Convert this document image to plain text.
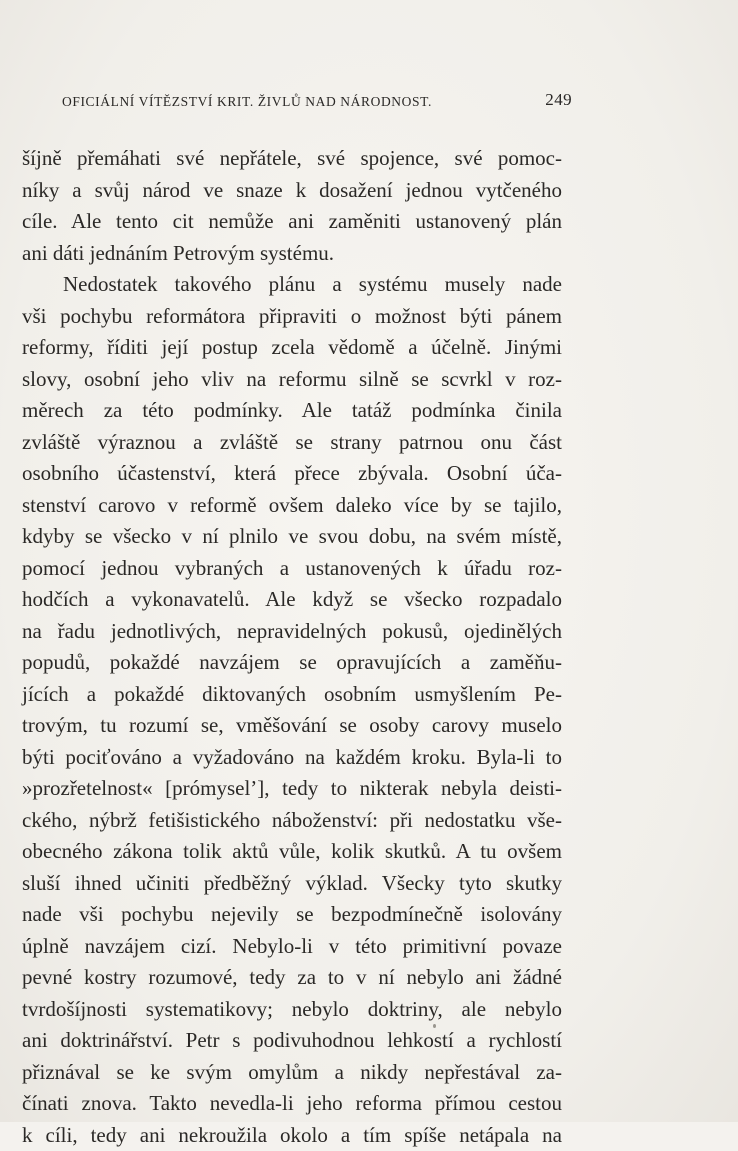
OFICIÁLNÍ VÍTĚZSTVÍ KRIT. ŽIVLŮ NAD NÁRODNOST.	249
šíjně přemáhati své nepřátele, své spojence, své pomoc-
níky a svůj národ ve snaze k dosažení jednou vytčeného
cíle. Ale tento cit nemůže ani zaměniti ustanovený plán
ani dáti jednáním Petrovým systému.
Nedostatek takového plánu a systému musely nade
vši pochybu reformátora připraviti o možnost býti pánem
reformy, říditi její postup zcela vědomě a účelně. Jinými
slovy, osobní jeho vliv na reformu silně se scvrkl v roz-
měrech za této podmínky. Ale tatáž podmínka činila
zvláště výraznou a zvláště se strany patrnou onu část
osobního účastenství, která přece zbývala. Osobní úča-
stenství carovo v reformě ovšem daleko více by se tajilo,
kdyby se všecko v ní plnilo ve svou dobu, na svém místě,
pomocí jednou vybraných a ustanovených k úřadu roz-
hodčích a vykonavatelů. Ale když se všecko rozpadalo
na řadu jednotlivých, nepravidelných pokusů, ojedinělých
popudů, pokaždé navzájem se opravujících a zaměňu-
jících a pokaždé diktovaných osobním usmyšlením Pe-
trovým, tu rozumí se, vměšování se osoby carovy muselo
býti pociťováno a vyžadováno na každém kroku. Byla-li to
»prozřetelnost« [prómysel’], tedy to nikterak nebyla deisti-
ckého, nýbrž fetišistického náboženství: při nedostatku vše-
obecného zákona tolik aktů vůle, kolik skutků. A tu ovšem
sluší ihned učiniti předběžný výklad. Všecky tyto skutky
nade vši pochybu nejevily se bezpodmínečně isolovány
úplně navzájem cizí. Nebylo-li v této primitivní povaze
pevné kostry rozumové, tedy za to v ní nebylo ani žádné
tvrdošíjnosti systematikovy; nebylo doktriny, ale nebylo
ani doktrinářství. Petr s podivuhodnou lehkostí a rychlostí
přiznával se ke svým omylům a nikdy nepřestával za-
čínati znova. Takto nevedla-li jeho reforma přímou cestou
k cíli, tedy ani nekroužila okolo a tím spíše netápala na
